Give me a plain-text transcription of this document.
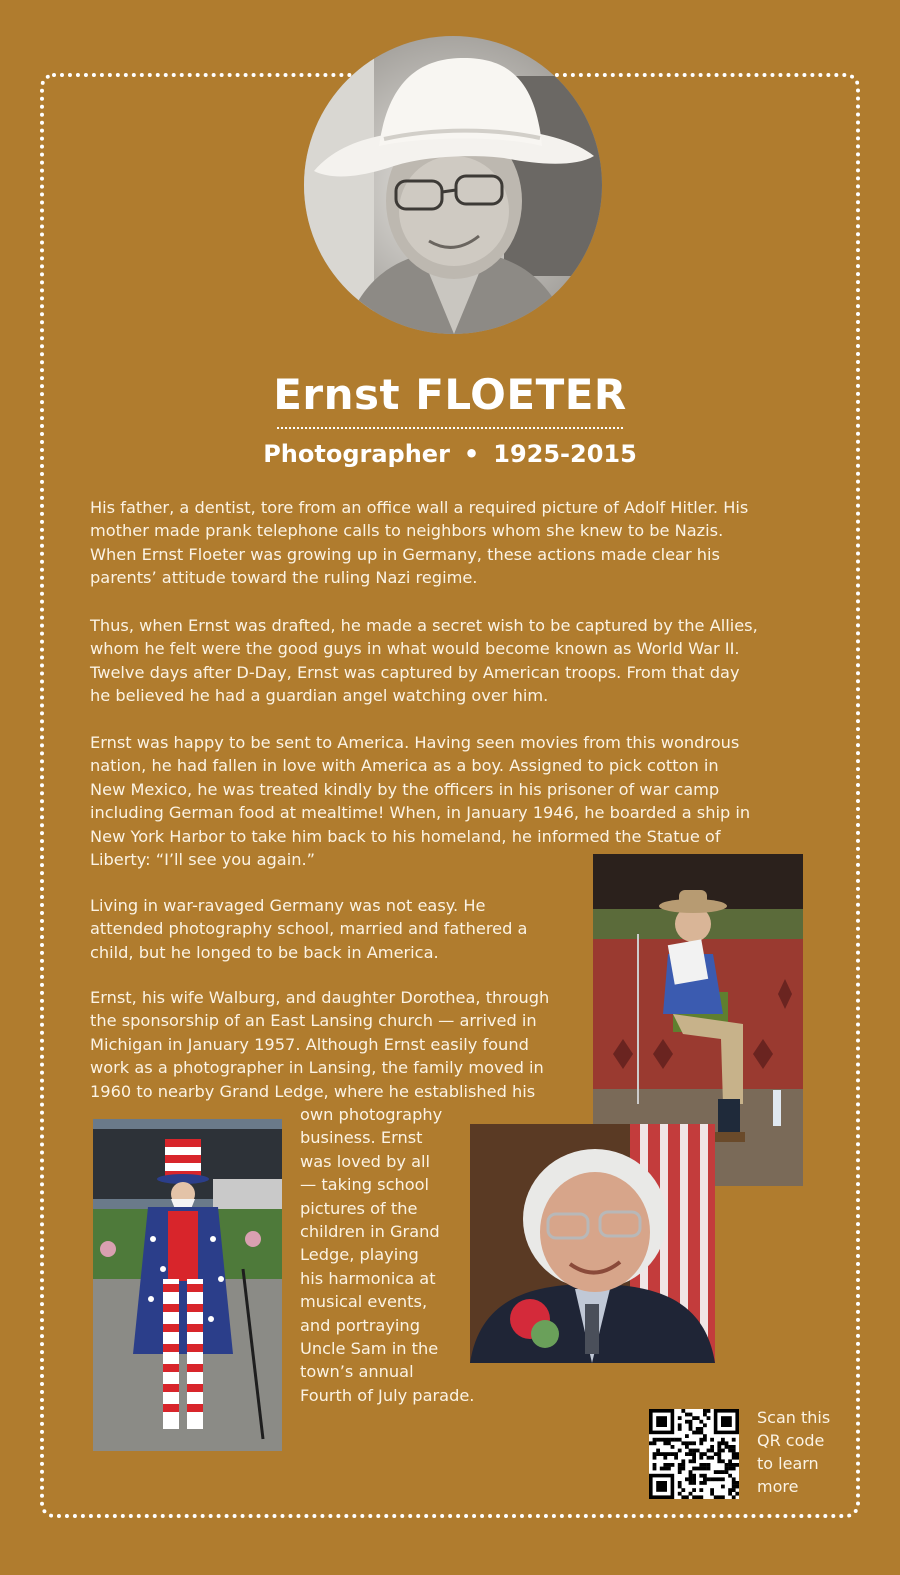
Ernst FLOETER
Photographer • 1925-2015

His father, a dentist, tore from an office wall a required picture of Adolf Hitler. His
mother made prank telephone calls to neighbors whom she knew to be Nazis.
When Ernst Floeter was growing up in Germany, these actions made clear his
parents’ attitude toward the ruling Nazi regime.

Thus, when Ernst was drafted, he made a secret wish to be captured by the Allies,
whom he felt were the good guys in what would become known as World War II.
Twelve days after D-Day, Ernst was captured by American troops. From that day
he believed he had a guardian angel watching over him.

Ernst was happy to be sent to America. Having seen movies from this wondrous
nation, he had fallen in love with America as a boy. Assigned to pick cotton in
New Mexico, he was treated kindly by the officers in his prisoner of war camp
including German food at mealtime! When, in January 1946, he boarded a ship in
New York Harbor to take him back to his homeland, he informed the Statue of
Liberty: “I’ll see you again.”

Living in war-ravaged Germany was not easy. He
attended photography school, married and fathered a
child, but he longed to be back in America.

Ernst, his wife Walburg, and daughter Dorothea, through
the sponsorship of an East Lansing church — arrived in
Michigan in January 1957. Although Ernst easily found
work as a photographer in Lansing, the family moved in
1960 to nearby Grand Ledge, where he established his

own photography
business. Ernst
was loved by all
— taking school
pictures of the
children in Grand
Ledge, playing
his harmonica at
musical events,
and portraying
Uncle Sam in the
town’s annual
Fourth of July parade.

Scan this
QR code
to learn
more
